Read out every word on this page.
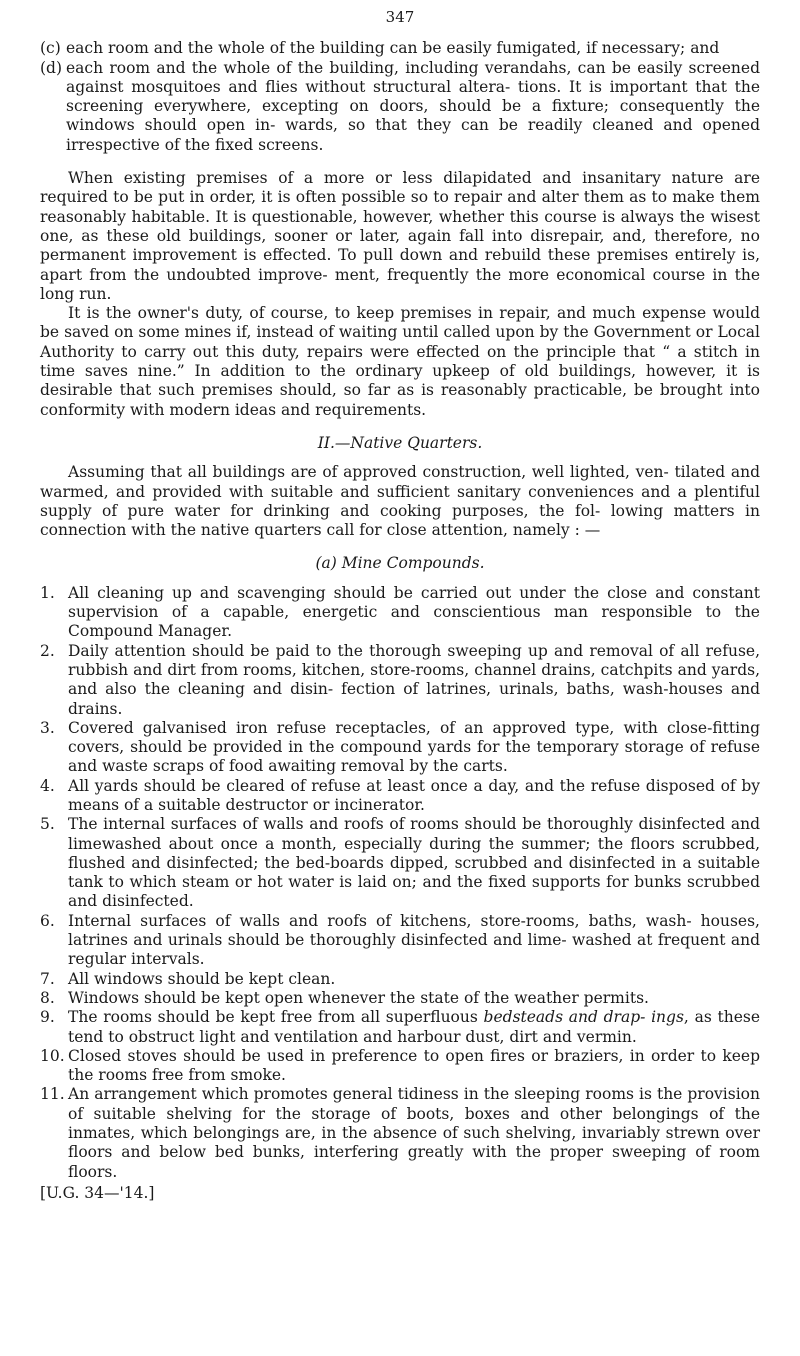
347
(c) each room and the whole of the building can be easily fumigated, if necessary; and
(d) each room and the whole of the building, including verandahs, can be easily screened against mosquitoes and flies without structural altera- tions. It is important that the screening everywhere, excepting on doors, should be a fixture; consequently the windows should open in- wards, so that they can be readily cleaned and opened irrespective of the fixed screens.

When existing premises of a more or less dilapidated and insanitary nature are required to be put in order, it is often possible so to repair and alter them as to make them reasonably habitable. It is questionable, however, whether this course is always the wisest one, as these old buildings, sooner or later, again fall into disrepair, and, therefore, no permanent improvement is effected. To pull down and rebuild these premises entirely is, apart from the undoubted improve- ment, frequently the more economical course in the long run.

It is the owner's duty, of course, to keep premises in repair, and much expense would be saved on some mines if, instead of waiting until called upon by the Government or Local Authority to carry out this duty, repairs were effected on the principle that “ a stitch in time saves nine.” In addition to the ordinary upkeep of old buildings, however, it is desirable that such premises should, so far as is reasonably practicable, be brought into conformity with modern ideas and requirements.

II.—Native Quarters.

Assuming that all buildings are of approved construction, well lighted, ven- tilated and warmed, and provided with suitable and sufficient sanitary conveniences and a plentiful supply of pure water for drinking and cooking purposes, the fol- lowing matters in connection with the native quarters call for close attention, namely : —

(a) Mine Compounds.
1. All cleaning up and scavenging should be carried out under the close and constant supervision of a capable, energetic and conscientious man responsible to the Compound Manager.
2. Daily attention should be paid to the thorough sweeping up and removal of all refuse, rubbish and dirt from rooms, kitchen, store-rooms, channel drains, catchpits and yards, and also the cleaning and disin- fection of latrines, urinals, baths, wash-houses and drains.
3. Covered galvanised iron refuse receptacles, of an approved type, with close-fitting covers, should be provided in the compound yards for the temporary storage of refuse and waste scraps of food awaiting removal by the carts.
4. All yards should be cleared of refuse at least once a day, and the refuse disposed of by means of a suitable destructor or incinerator.
5. The internal surfaces of walls and roofs of rooms should be thoroughly disinfected and limewashed about once a month, especially during the summer; the floors scrubbed, flushed and disinfected; the bed-boards dipped, scrubbed and disinfected in a suitable tank to which steam or hot water is laid on; and the fixed supports for bunks scrubbed and disinfected.
6. Internal surfaces of walls and roofs of kitchens, store-rooms, baths, wash- houses, latrines and urinals should be thoroughly disinfected and lime- washed at frequent and regular intervals.
7. All windows should be kept clean.
8. Windows should be kept open whenever the state of the weather permits.
9. The rooms should be kept free from all superfluous bedsteads and drap- ings, as these tend to obstruct light and ventilation and harbour dust, dirt and vermin.
10. Closed stoves should be used in preference to open fires or braziers, in order to keep the rooms free from smoke.
11. An arrangement which promotes general tidiness in the sleeping rooms is the provision of suitable shelving for the storage of boots, boxes and other belongings of the inmates, which belongings are, in the absence of such shelving, invariably strewn over floors and below bed bunks, interfering greatly with the proper sweeping of room floors.
[U.G. 34—'14.]
